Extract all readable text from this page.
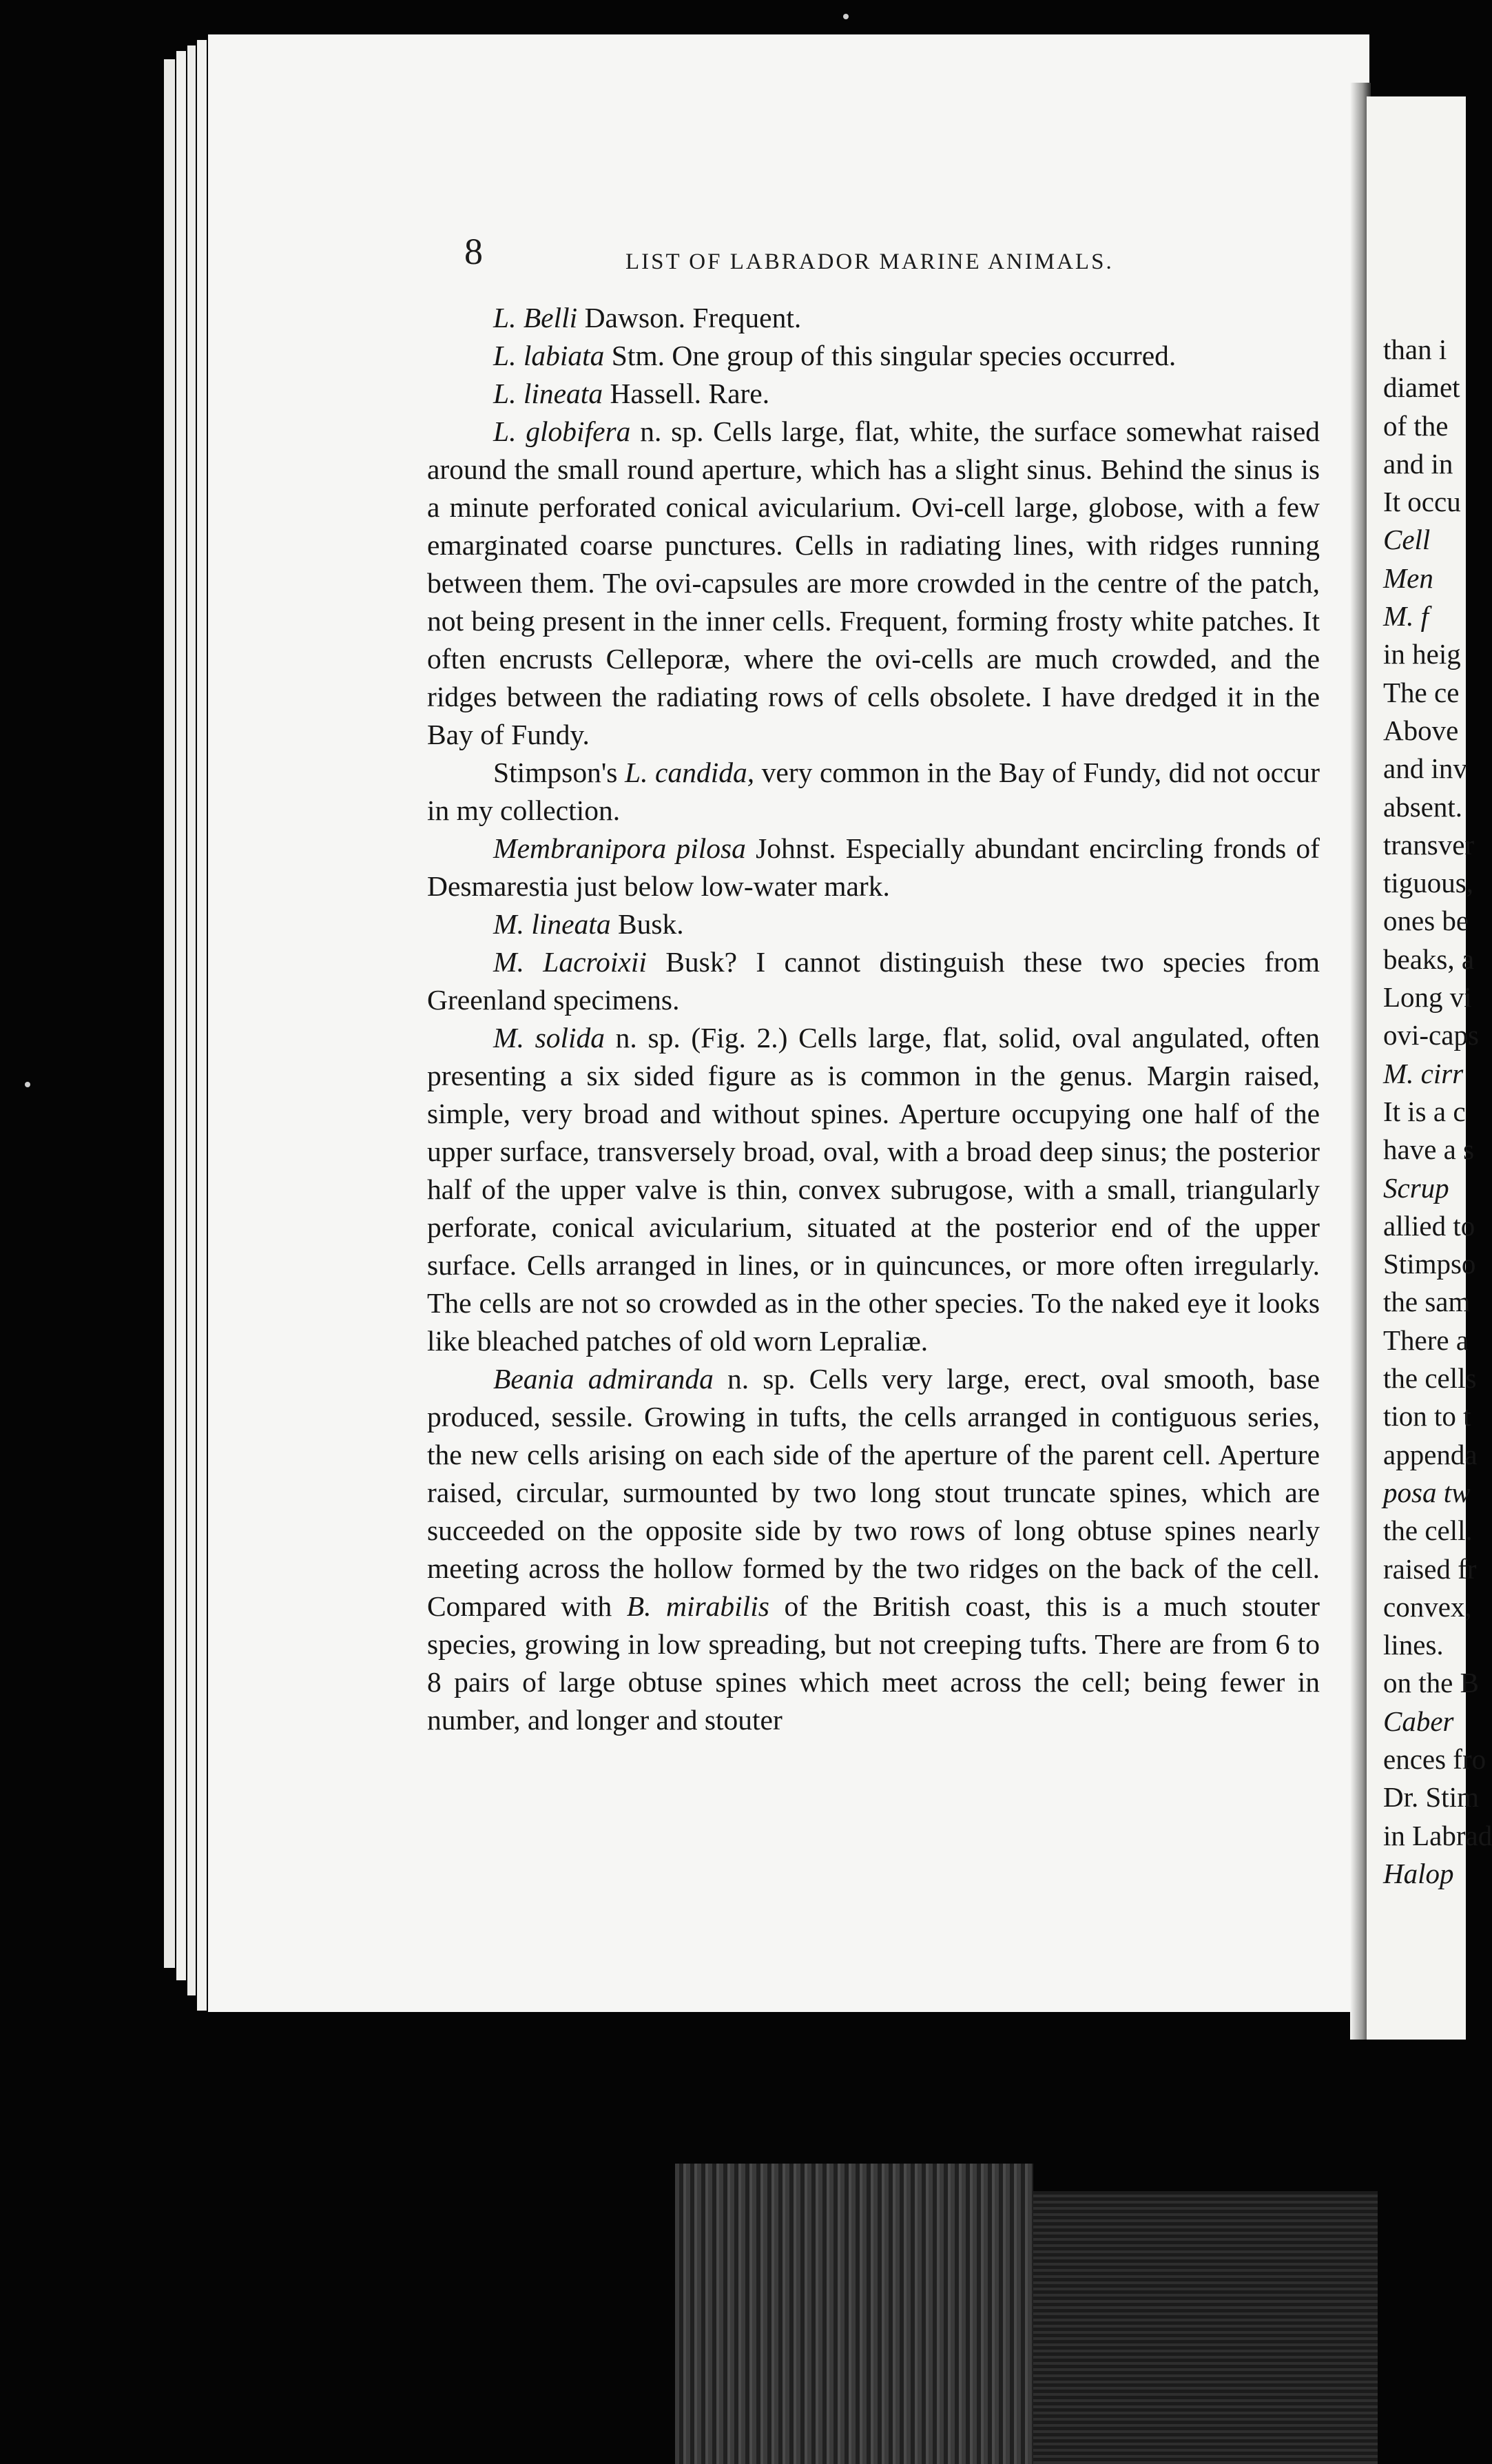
than i
diamet
of the
and in
It occu
Cell
Men
M. f
in heig
The ce
Above
and inv
absent.
transver
tiguous,
ones be
beaks, a
Long vi
ovi-caps
M. cirr
It is a c
have a s
Scrup
allied to
Stimpso
the sam
There a
the cells
tion to t
appenda
posa tw
the cell.
raised fr
convex,
lines.
on the B
Caber
ences fro
Dr. Stim
in Labrad
Halop
8	LIST OF LABRADOR MARINE ANIMALS.

L. Belli Dawson. Frequent.

L. labiata Stm. One group of this singular species occurred.

L. lineata Hassell. Rare.

L. globifera n. sp. Cells large, flat, white, the surface somewhat raised around the small round aperture, which has a slight sinus. Behind the sinus is a minute perforated conical avicularium. Ovi-cell large, globose, with a few emarginated coarse punctures. Cells in radiating lines, with ridges running between them. The ovi-capsules are more crowded in the centre of the patch, not being present in the inner cells. Frequent, forming frosty white patches. It often encrusts Celleporæ, where the ovi-cells are much crowded, and the ridges between the radiating rows of cells obsolete. I have dredged it in the Bay of Fundy.

Stimpson's L. candida, very common in the Bay of Fundy, did not occur in my collection.

Membranipora pilosa Johnst. Especially abundant encircling fronds of Desmarestia just below low-water mark.

M. lineata Busk.

M. Lacroixii Busk? I cannot distinguish these two species from Greenland specimens.

M. solida n. sp. (Fig. 2.) Cells large, flat, solid, oval angulated, often presenting a six sided figure as is common in the genus. Margin raised, simple, very broad and without spines. Aperture occupying one half of the upper surface, transversely broad, oval, with a broad deep sinus; the posterior half of the upper valve is thin, convex subrugose, with a small, triangularly perforate, conical avicularium, situated at the posterior end of the upper surface. Cells arranged in lines, or in quincunces, or more often irregularly. The cells are not so crowded as in the other species. To the naked eye it looks like bleached patches of old worn Lepraliæ.

Beania admiranda n. sp. Cells very large, erect, oval smooth, base produced, sessile. Growing in tufts, the cells arranged in contiguous series, the new cells arising on each side of the aperture of the parent cell. Aperture raised, circular, surmounted by two long stout truncate spines, which are succeeded on the opposite side by two rows of long obtuse spines nearly meeting across the hollow formed by the two ridges on the back of the cell. Compared with B. mirabilis of the British coast, this is a much stouter species, growing in low spreading, but not creeping tufts. There are from 6 to 8 pairs of large obtuse spines which meet across the cell; being fewer in number, and longer and stouter
